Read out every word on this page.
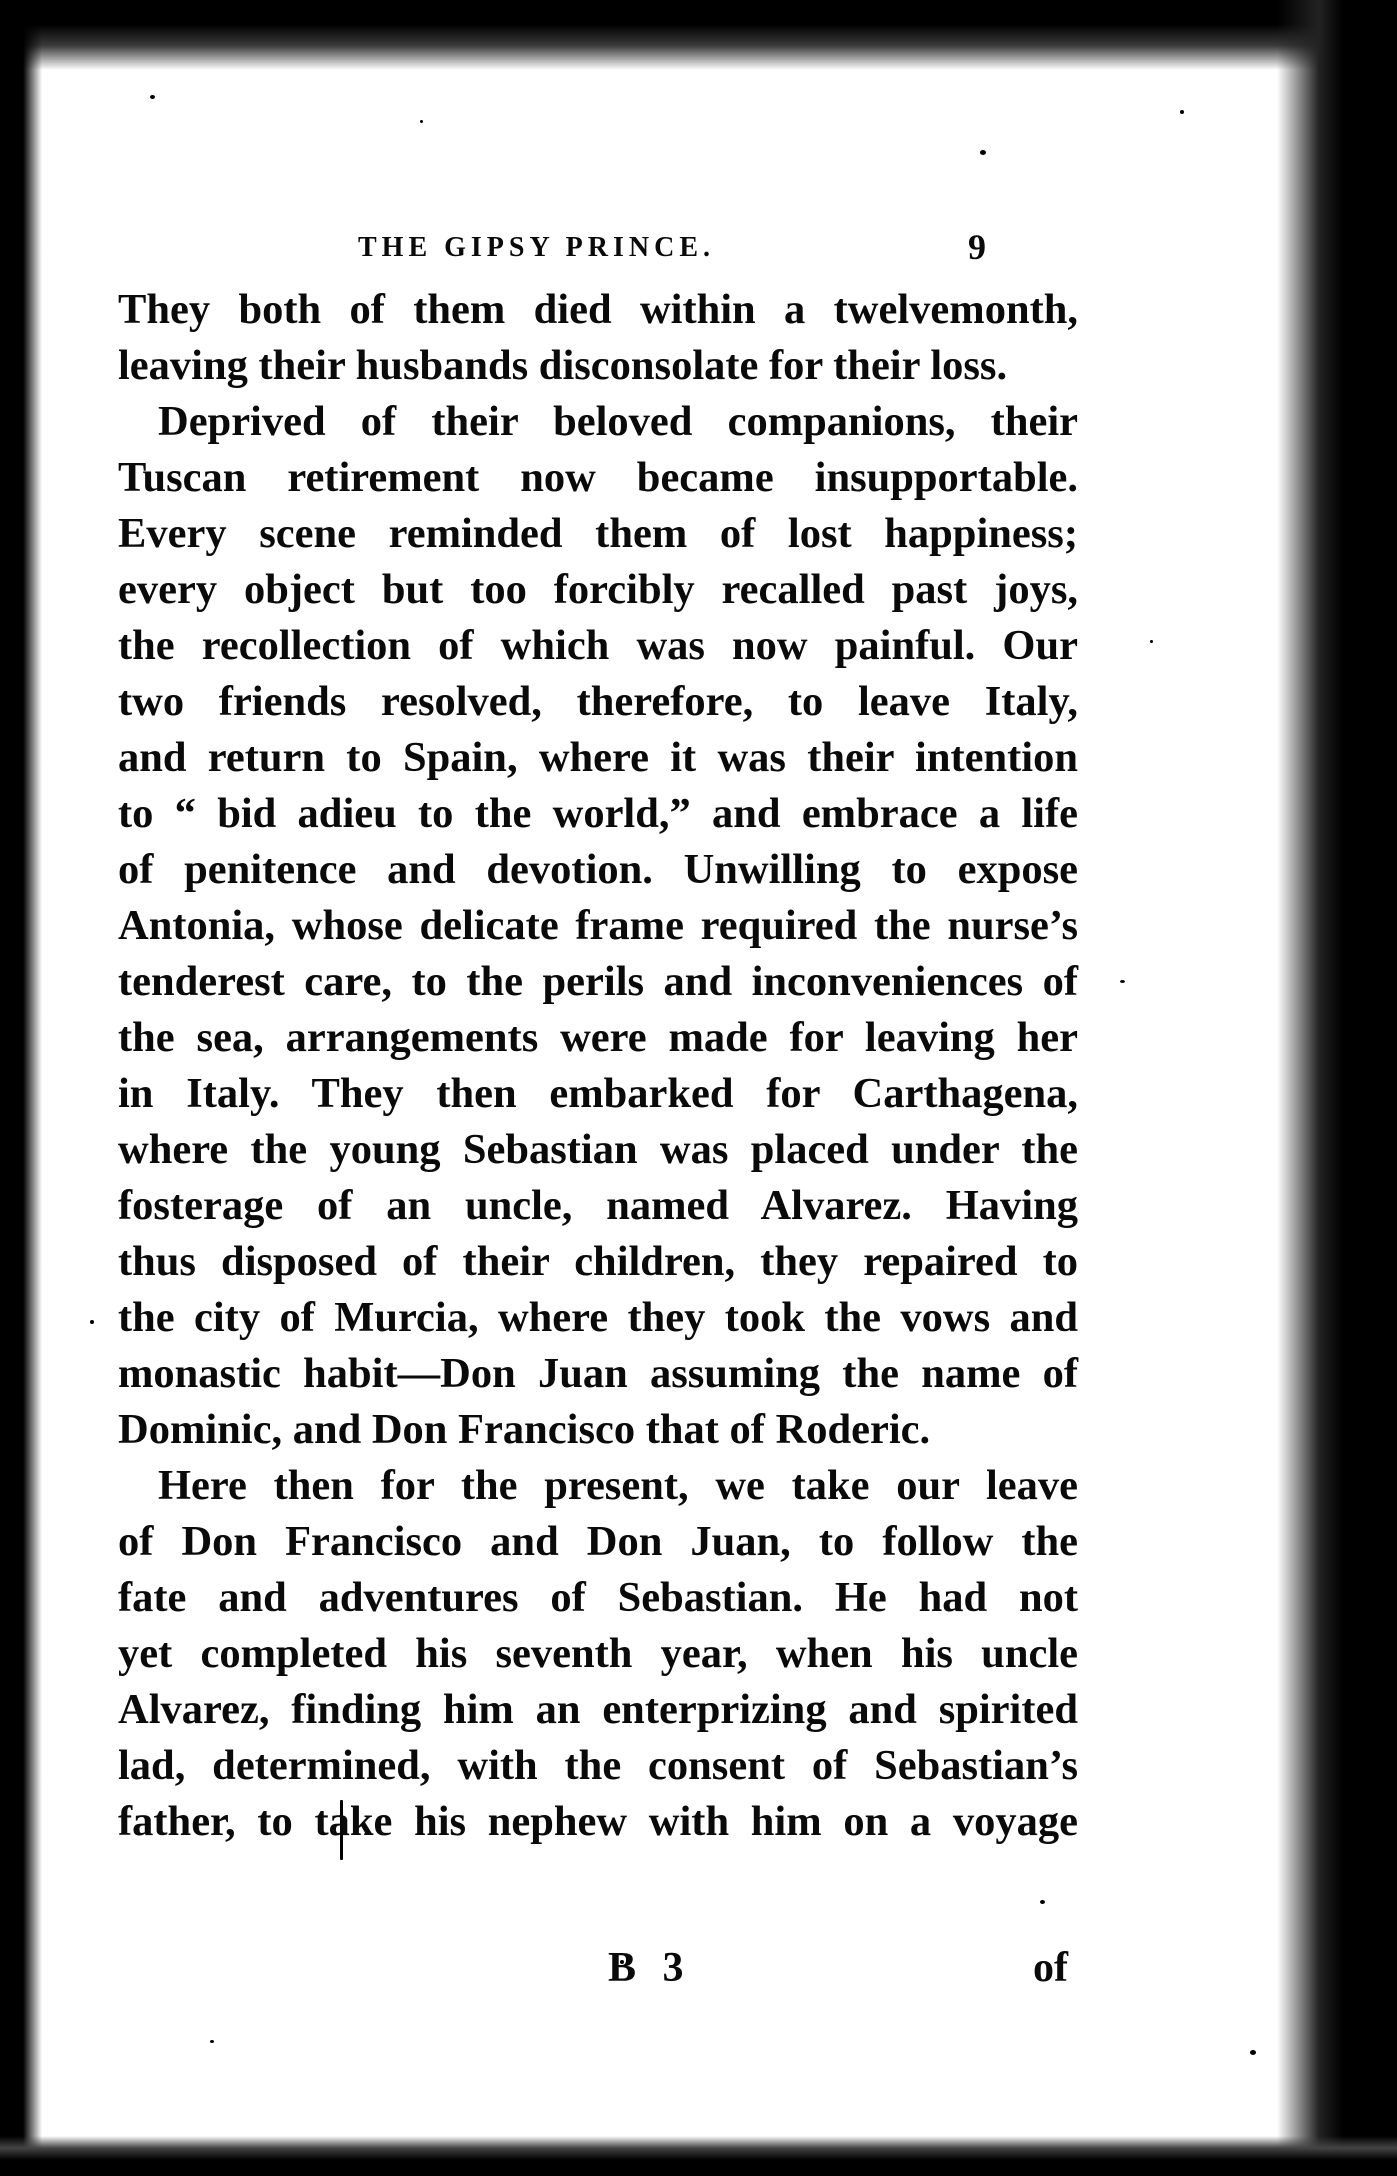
THE GIPSY PRINCE.	9
They both of them died within a twelvemonth,
leaving their husbands disconsolate for their loss.
Deprived of their beloved companions, their
Tuscan retirement now became insupportable.
Every scene reminded them of lost happiness;
every object but too forcibly recalled past joys,
the recollection of which was now painful. Our
two friends resolved, therefore, to leave Italy,
and return to Spain, where it was their intention
to “ bid adieu to the world,” and embrace a life
of penitence and devotion. Unwilling to expose
Antonia, whose delicate frame required the nurse’s
tenderest care, to the perils and inconveniences of
the sea, arrangements were made for leaving her
in Italy. They then embarked for Carthagena,
where the young Sebastian was placed under the
fosterage of an uncle, named Alvarez. Having
thus disposed of their children, they repaired to
the city of Murcia, where they took the vows and
monastic habit—Don Juan assuming the name of
Dominic, and Don Francisco that of Roderic.
Here then for the present, we take our leave
of Don Francisco and Don Juan, to follow the
fate and adventures of Sebastian. He had not
yet completed his seventh year, when his uncle
Alvarez, finding him an enterprizing and spirited
lad, determined, with the consent of Sebastian’s
father, to take his nephew with him on a voyage
B 3	of
